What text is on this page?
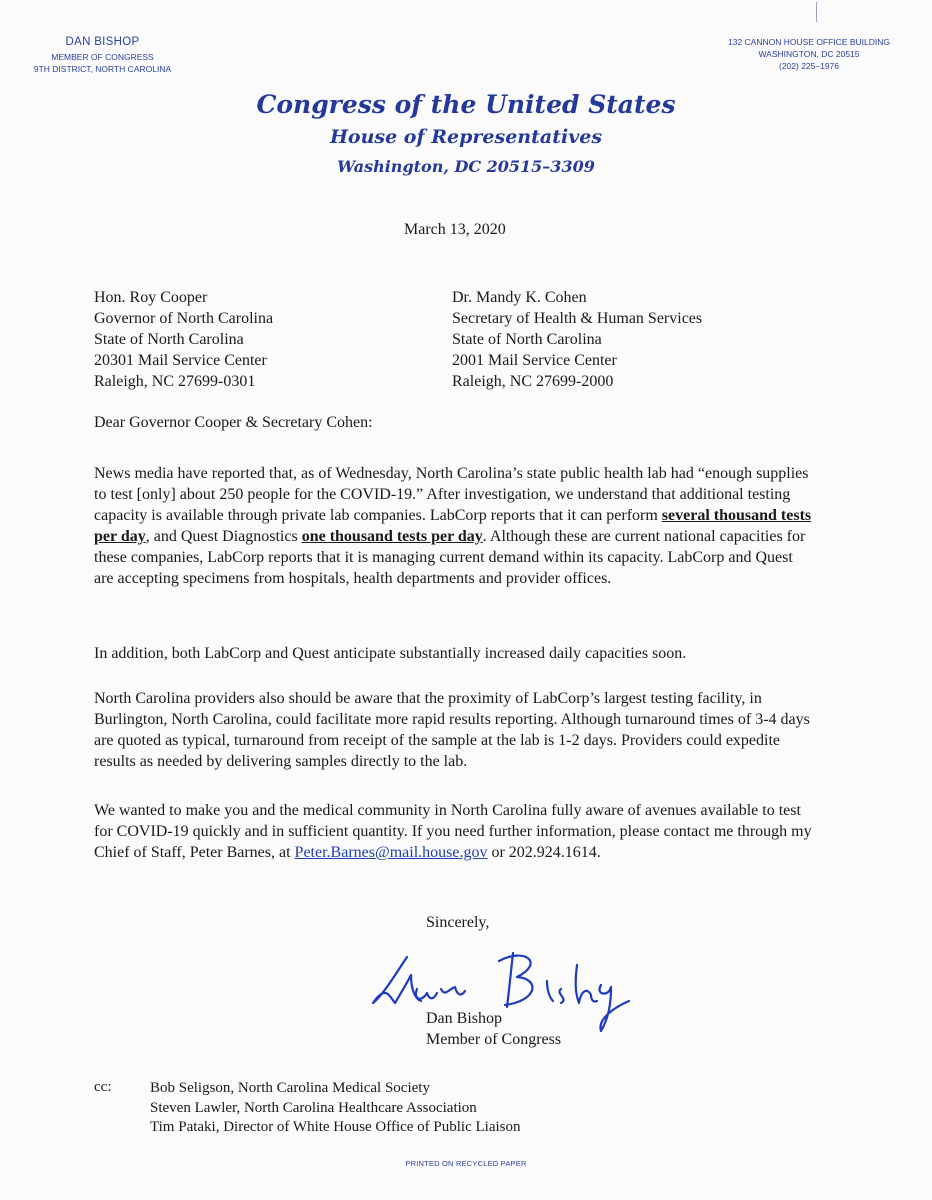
DAN BISHOP
MEMBER OF CONGRESS
9TH DISTRICT, NORTH CAROLINA
132 CANNON HOUSE OFFICE BUILDING
WASHINGTON, DC 20515
(202) 225–1976
Congress of the United States
House of Representatives
Washington, DC 20515–3309
March 13, 2020
Hon. Roy Cooper
Governor of North Carolina
State of North Carolina
20301 Mail Service Center
Raleigh, NC 27699-0301
Dr. Mandy K. Cohen
Secretary of Health & Human Services
State of North Carolina
2001 Mail Service Center
Raleigh, NC 27699-2000
Dear Governor Cooper & Secretary Cohen:
News media have reported that, as of Wednesday, North Carolina’s state public health lab had “enough supplies to test [only] about 250 people for the COVID-19.” After investigation, we understand that additional testing capacity is available through private lab companies. LabCorp reports that it can perform several thousand tests per day, and Quest Diagnostics one thousand tests per day. Although these are current national capacities for these companies, LabCorp reports that it is managing current demand within its capacity. LabCorp and Quest are accepting specimens from hospitals, health departments and provider offices.
In addition, both LabCorp and Quest anticipate substantially increased daily capacities soon.
North Carolina providers also should be aware that the proximity of LabCorp’s largest testing facility, in Burlington, North Carolina, could facilitate more rapid results reporting. Although turnaround times of 3-4 days are quoted as typical, turnaround from receipt of the sample at the lab is 1-2 days. Providers could expedite results as needed by delivering samples directly to the lab.
We wanted to make you and the medical community in North Carolina fully aware of avenues available to test for COVID-19 quickly and in sufficient quantity. If you need further information, please contact me through my Chief of Staff, Peter Barnes, at Peter.Barnes@mail.house.gov or 202.924.1614.
Sincerely,
Dan Bishop
Member of Congress
cc:	Bob Seligson, North Carolina Medical Society
Steven Lawler, North Carolina Healthcare Association
Tim Pataki, Director of White House Office of Public Liaison
PRINTED ON RECYCLED PAPER
